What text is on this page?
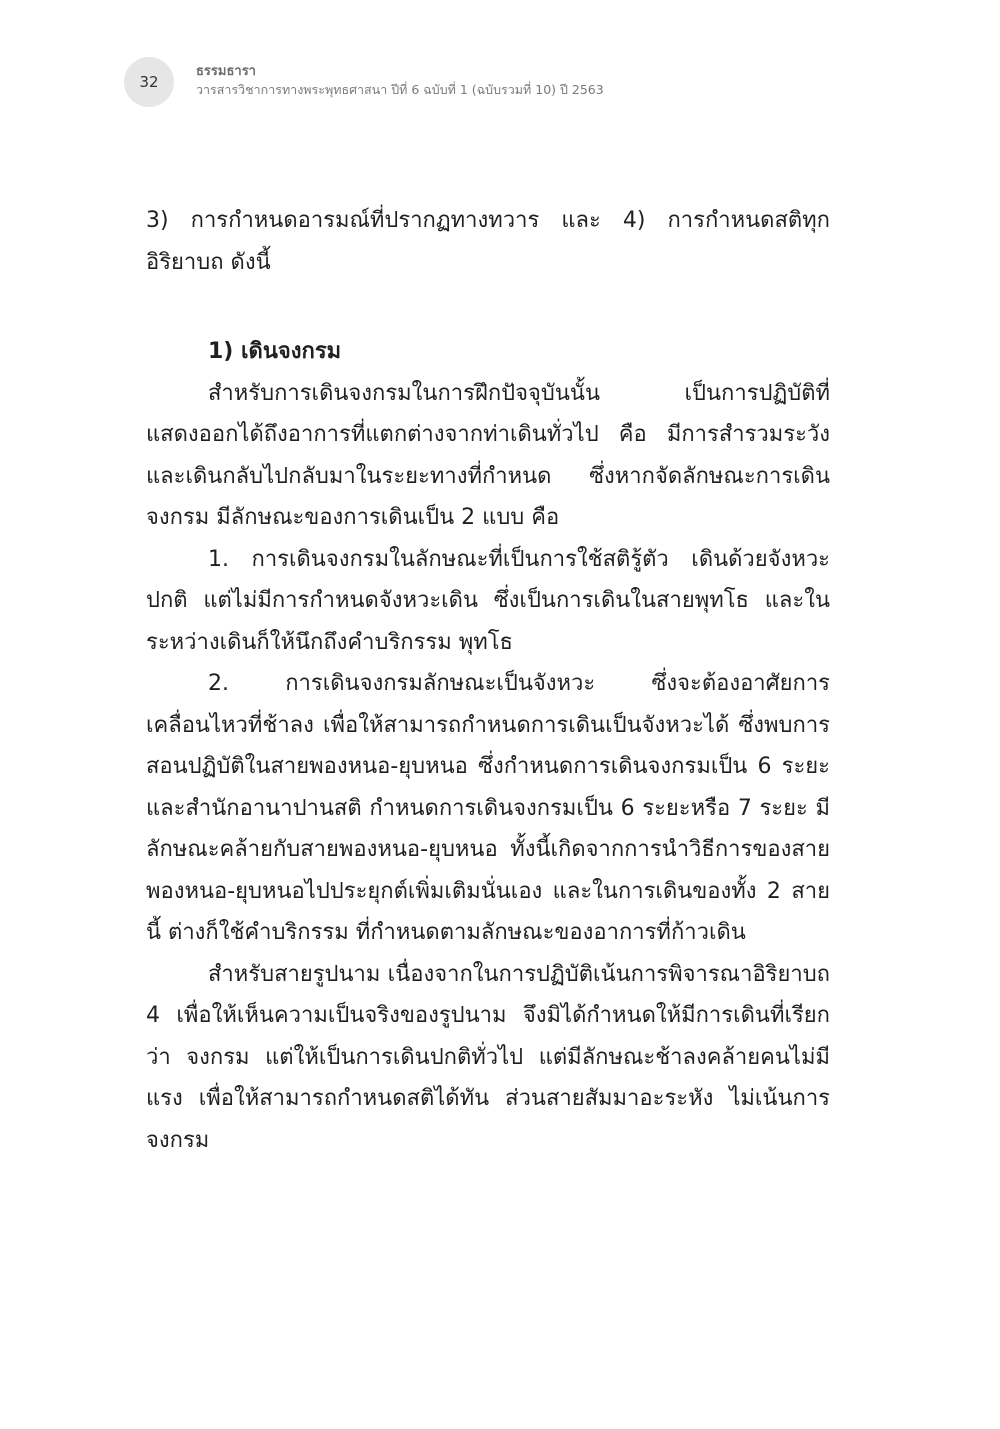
32
ธรรมธารา
วารสารวิชาการทางพระพุทธศาสนา ปีที่ 6 ฉบับที่ 1 (ฉบับรวมที่ 10) ปี 2563

3) การกำหนดอารมณ์ที่ปรากฏทางทวาร และ 4) การกำหนดสติทุกอิริยาบถ ดังนี้

1) เดินจงกรม

สำหรับการเดินจงกรมในการฝึกปัจจุบันนั้น เป็นการปฏิบัติที่แสดงออกได้ถึงอาการที่แตกต่างจากท่าเดินทั่วไป คือ มีการสำรวมระวังและเดินกลับไปกลับมาในระยะทางที่กำหนด ซึ่งหากจัดลักษณะการเดินจงกรม มีลักษณะของการเดินเป็น 2 แบบ คือ

1. การเดินจงกรมในลักษณะที่เป็นการใช้สติรู้ตัว เดินด้วยจังหวะปกติ แต่ไม่มีการกำหนดจังหวะเดิน ซึ่งเป็นการเดินในสายพุทโธ และในระหว่างเดินก็ให้นึกถึงคำบริกรรม พุทโธ

2. การเดินจงกรมลักษณะเป็นจังหวะ ซึ่งจะต้องอาศัยการเคลื่อนไหวที่ช้าลง เพื่อให้สามารถกำหนดการเดินเป็นจังหวะได้ ซึ่งพบการสอนปฏิบัติในสายพองหนอ-ยุบหนอ ซึ่งกำหนดการเดินจงกรมเป็น 6 ระยะ และสำนักอานาปานสติ กำหนดการเดินจงกรมเป็น 6 ระยะหรือ 7 ระยะ มีลักษณะคล้ายกับสายพองหนอ-ยุบหนอ ทั้งนี้เกิดจากการนำวิธีการของสายพองหนอ-ยุบหนอไปประยุกต์เพิ่มเติมนั่นเอง และในการเดินของทั้ง 2 สายนี้ ต่างก็ใช้คำบริกรรม ที่กำหนดตามลักษณะของอาการที่ก้าวเดิน

สำหรับสายรูปนาม เนื่องจากในการปฏิบัติเน้นการพิจารณาอิริยาบถ 4 เพื่อให้เห็นความเป็นจริงของรูปนาม จึงมิได้กำหนดให้มีการเดินที่เรียกว่า จงกรม แต่ให้เป็นการเดินปกติทั่วไป แต่มีลักษณะช้าลงคล้ายคนไม่มีแรง เพื่อให้สามารถกำหนดสติได้ทัน ส่วนสายสัมมาอะระหัง ไม่เน้นการจงกรม
